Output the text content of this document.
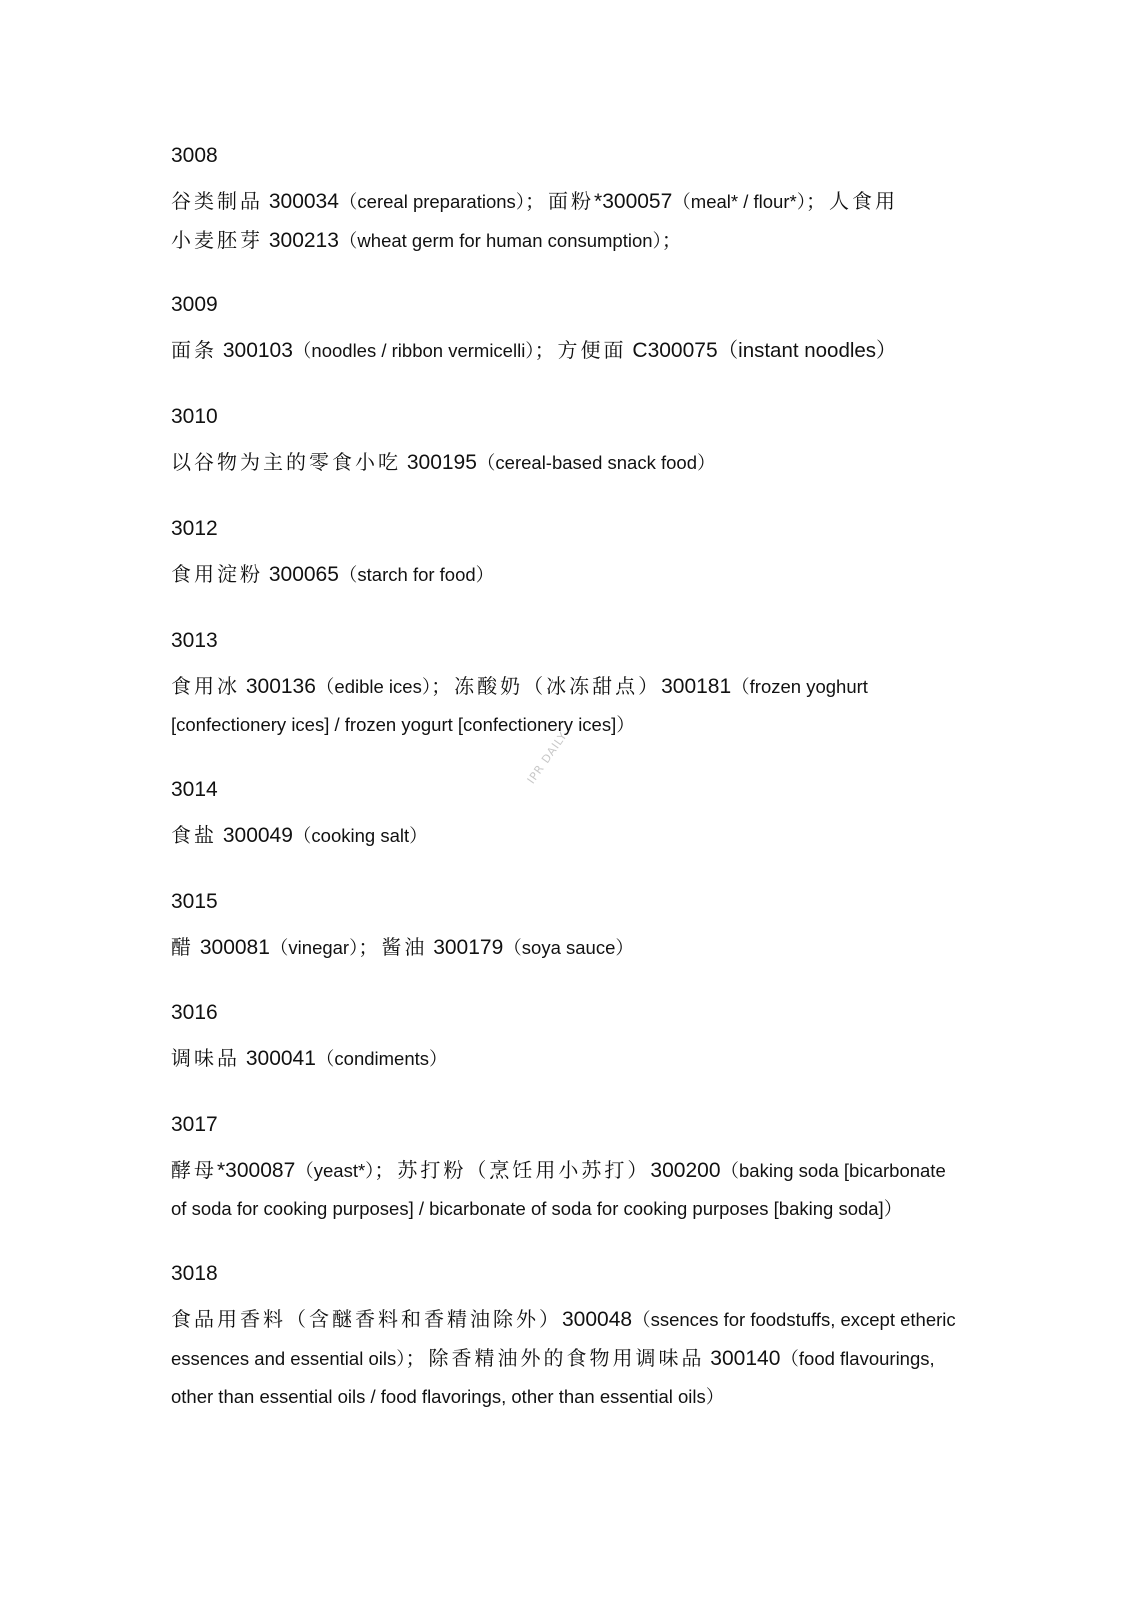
3008
谷类制品 300034（cereal preparations）；面粉*300057（meal* / flour*）；人食用
小麦胚芽 300213（wheat germ for human consumption）；
3009
面条 300103（noodles / ribbon vermicelli）；方便面 C300075（instant noodles）
3010
以谷物为主的零食小吃 300195（cereal-based snack food）
3012
食用淀粉 300065（starch for food）
3013
食用冰 300136（edible ices）；冻酸奶（冰冻甜点）300181（frozen yoghurt
[confectionery ices] / frozen yogurt [confectionery ices]）
IPR DAILY
3014
食盐 300049（cooking salt）
3015
醋 300081（vinegar）；酱油 300179（soya sauce）
3016
调味品 300041（condiments）
3017
酵母*300087（yeast*）；苏打粉（烹饪用小苏打）300200（baking soda [bicarbonate
of soda for cooking purposes] / bicarbonate of soda for cooking purposes [baking soda]）
3018
食品用香料（含醚香料和香精油除外）300048（ssences for foodstuffs, except etheric
essences and essential oils）；除香精油外的食物用调味品 300140（food flavourings,
other than essential oils / food flavorings, other than essential oils）
